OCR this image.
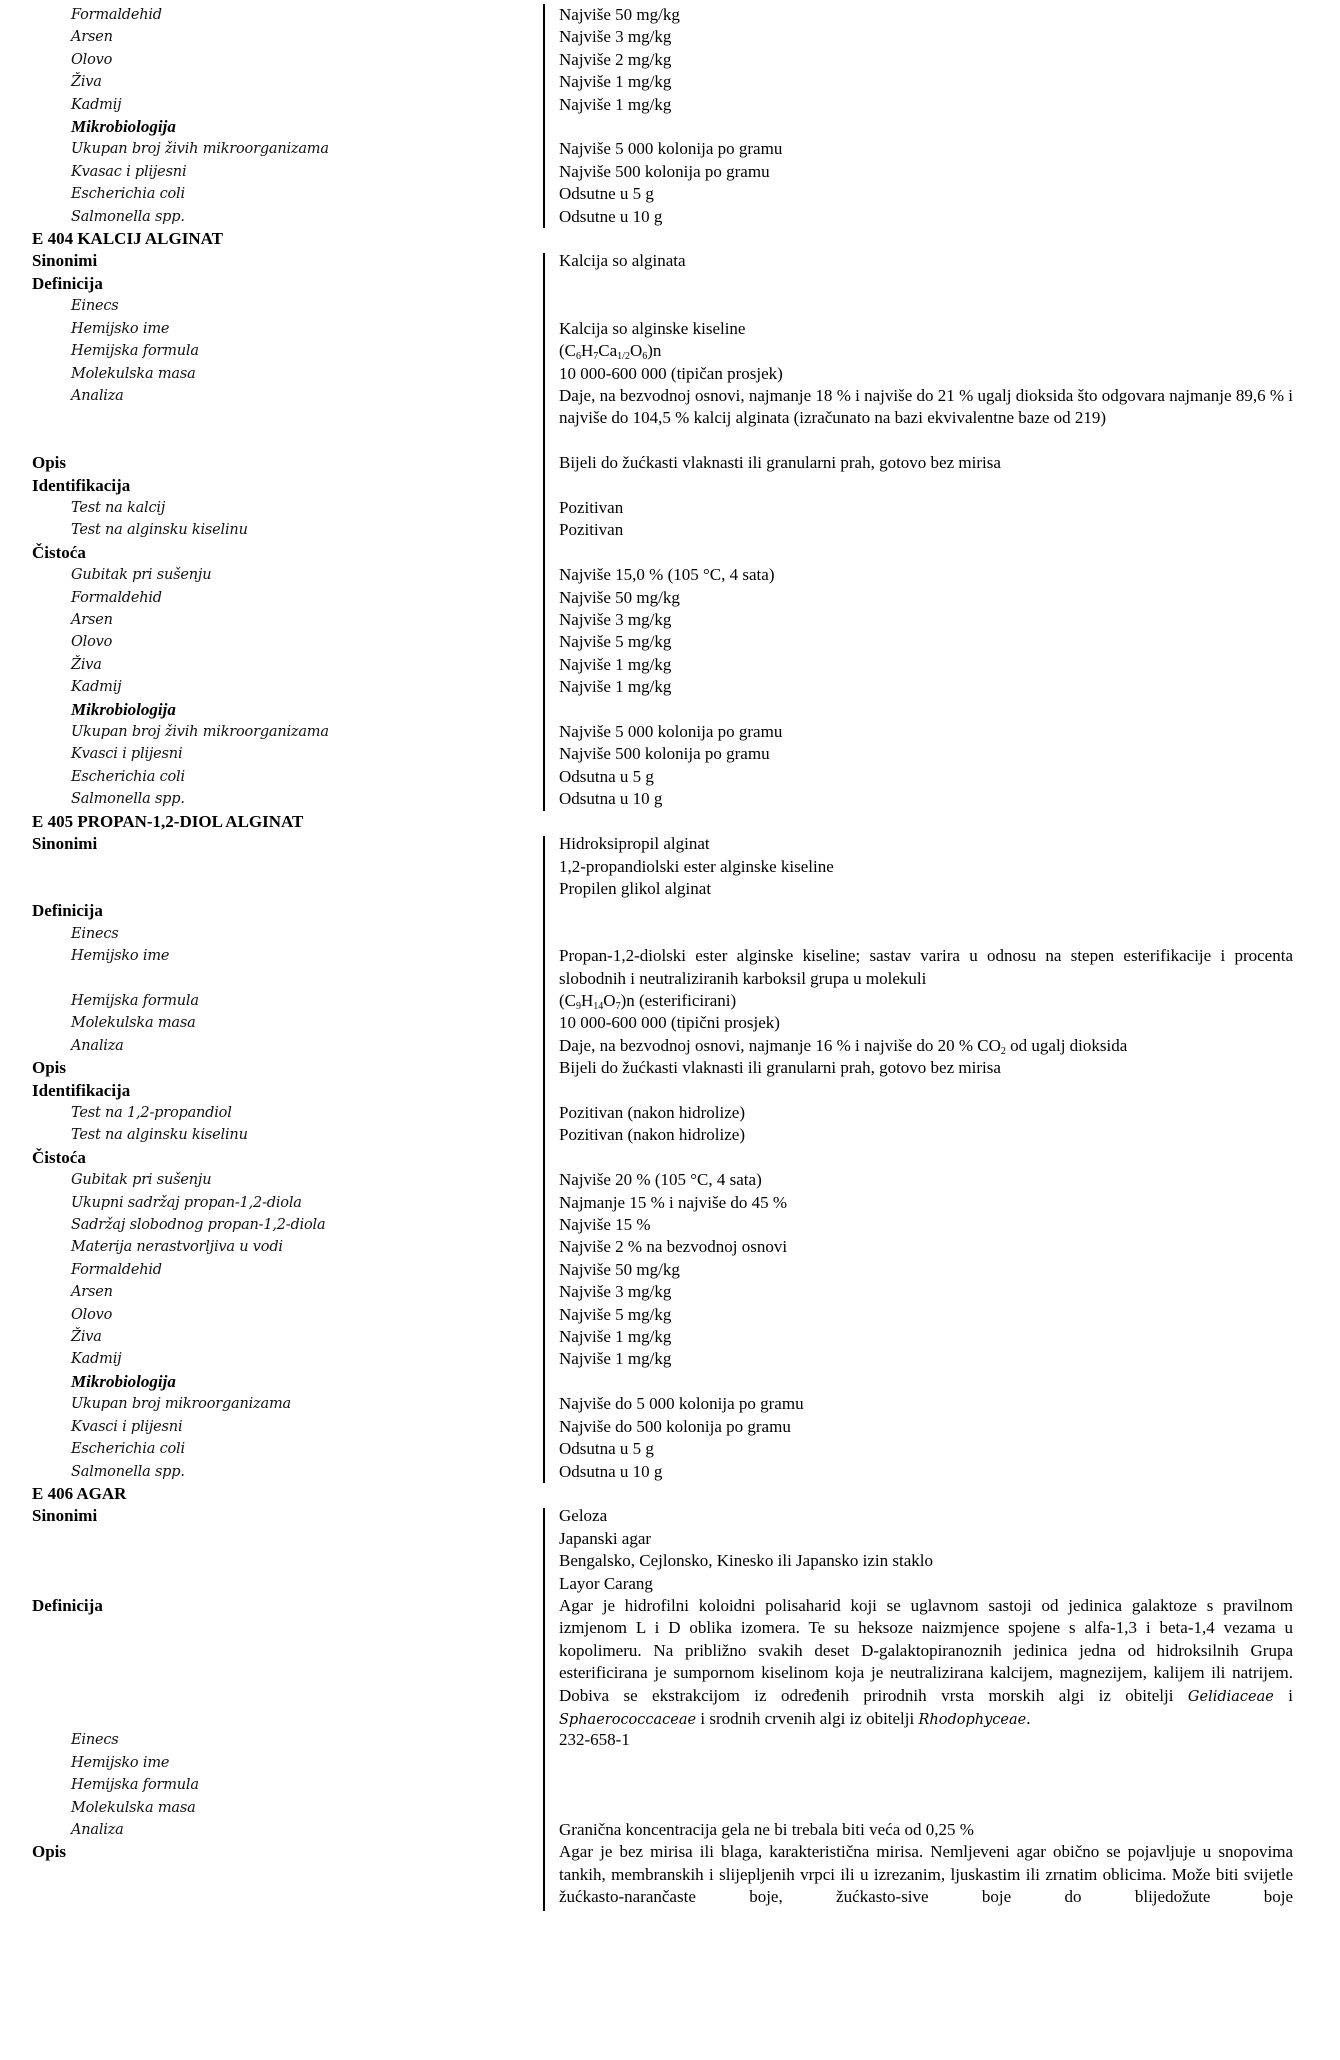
Formaldehid	Najviše 50 mg/kg
Arsen	Najviše 3 mg/kg
Olovo	Najviše 2 mg/kg
Živa	Najviše 1 mg/kg
Kadmij	Najviše 1 mg/kg
Mikrobiologija
Ukupan broj živih mikroorganizama	Najviše 5 000 kolonija po gramu
Kvasac i plijesni	Najviše 500 kolonija po gramu
Escherichia coli	Odsutne u 5 g
Salmonella spp.	Odsutne u 10 g
E 404 KALCIJ ALGINAT
Sinonimi	Kalcija so alginata
Definicija
Einecs
Hemijsko ime	Kalcija so alginske kiseline
Hemijska formula	$(C_6H_7Ca_{1/2}O_6)n$
Molekulska masa	10 000-600 000 (tipičan prosjek)
Analiza	Daje, na bezvodnoj osnovi, najmanje 18 % i najviše do 21 % ugalj dioksida što odgovara najmanje 89,6 % i najviše do 104,5 % kalcij alginata (izračunato na bazi ekvivalentne baze od 219)
Opis	Bijeli do žućkasti vlaknasti ili granularni prah, gotovo bez mirisa
Identifikacija
Test na kalcij	Pozitivan
Test na alginsku kiselinu	Pozitivan
Čistoća
Gubitak pri sušenju	Najviše 15,0 % (105 °C, 4 sata)
Formaldehid	Najviše 50 mg/kg
Arsen	Najviše 3 mg/kg
Olovo	Najviše 5 mg/kg
Živa	Najviše 1 mg/kg
Kadmij	Najviše 1 mg/kg
Mikrobiologija
Ukupan broj živih mikroorganizama	Najviše 5 000 kolonija po gramu
Kvasci i plijesni	Najviše 500 kolonija po gramu
Escherichia coli	Odsutna u 5 g
Salmonella spp.	Odsutna u 10 g
E 405 PROPAN-1,2-DIOL ALGINAT
Sinonimi	Hidroksipropil alginat
1,2-propandiolski ester alginske kiseline
Propilen glikol alginat
Definicija
Einecs
Hemijsko ime	Propan-1,2-diolski ester alginske kiseline; sastav varira u odnosu na stepen esterifikacije i procenta slobodnih i neutraliziranih karboksil grupa u molekuli
Hemijska formula	$(C_9H_{14}O_7)n$ (esterificirani)
Molekulska masa	10 000-600 000 (tipični prosjek)
Analiza	Daje, na bezvodnoj osnovi, najmanje 16 % i najviše do 20 % $CO_2$ od ugalj dioksida
Opis	Bijeli do žućkasti vlaknasti ili granularni prah, gotovo bez mirisa
Identifikacija
Test na 1,2-propandiol	Pozitivan (nakon hidrolize)
Test na alginsku kiselinu	Pozitivan (nakon hidrolize)
Čistoća
Gubitak pri sušenju	Najviše 20 % (105 °C, 4 sata)
Ukupni sadržaj propan-1,2-diola	Najmanje 15 % i najviše do 45 %
Sadržaj slobodnog propan-1,2-diola	Najviše 15 %
Materija nerastvorljiva u vodi	Najviše 2 % na bezvodnoj osnovi
Formaldehid	Najviše 50 mg/kg
Arsen	Najviše 3 mg/kg
Olovo	Najviše 5 mg/kg
Živa	Najviše 1 mg/kg
Kadmij	Najviše 1 mg/kg
Mikrobiologija
Ukupan broj mikroorganizama	Najviše do 5 000 kolonija po gramu
Kvasci i plijesni	Najviše do 500 kolonija po gramu
Escherichia coli	Odsutna u 5 g
Salmonella spp.	Odsutna u 10 g
E 406 AGAR
Sinonimi	Geloza
Japanski agar
Bengalsko, Cejlonsko, Kinesko ili Japansko izin staklo
Layor Carang
Definicija	Agar je hidrofilni koloidni polisaharid koji se uglavnom sastoji od jedinica galaktoze s pravilnom izmjenom L i D oblika izomera. Te su heksoze naizmjence spojene s alfa-1,3 i beta-1,4 vezama u kopolimeru. Na približno svakih deset D-galaktopiranoznih jedinica jedna od hidroksilnih Grupa esterificirana je sumpornom kiselinom koja je neutralizirana kalcijem, magnezijem, kalijem ili natrijem. Dobiva se ekstrakcijom iz određenih prirodnih vrsta morskih algi iz obitelji Gelidiaceae i Sphaerococcaceae i srodnih crvenih algi iz obitelji Rhodophyceae.
Einecs	232-658-1
Hemijsko ime
Hemijska formula
Molekulska masa
Analiza	Granična koncentracija gela ne bi trebala biti veća od 0,25 %
Opis	Agar je bez mirisa ili blaga, karakteristična mirisa. Nemljeveni agar obično se pojavljuje u snopovima tankih, membranskih i slijepljenih vrpci ili u izrezanim, ljuskastim ili zrnatim oblicima. Može biti svijetle žućkasto-narančaste boje, žućkasto-sive boje do blijedožute boje
